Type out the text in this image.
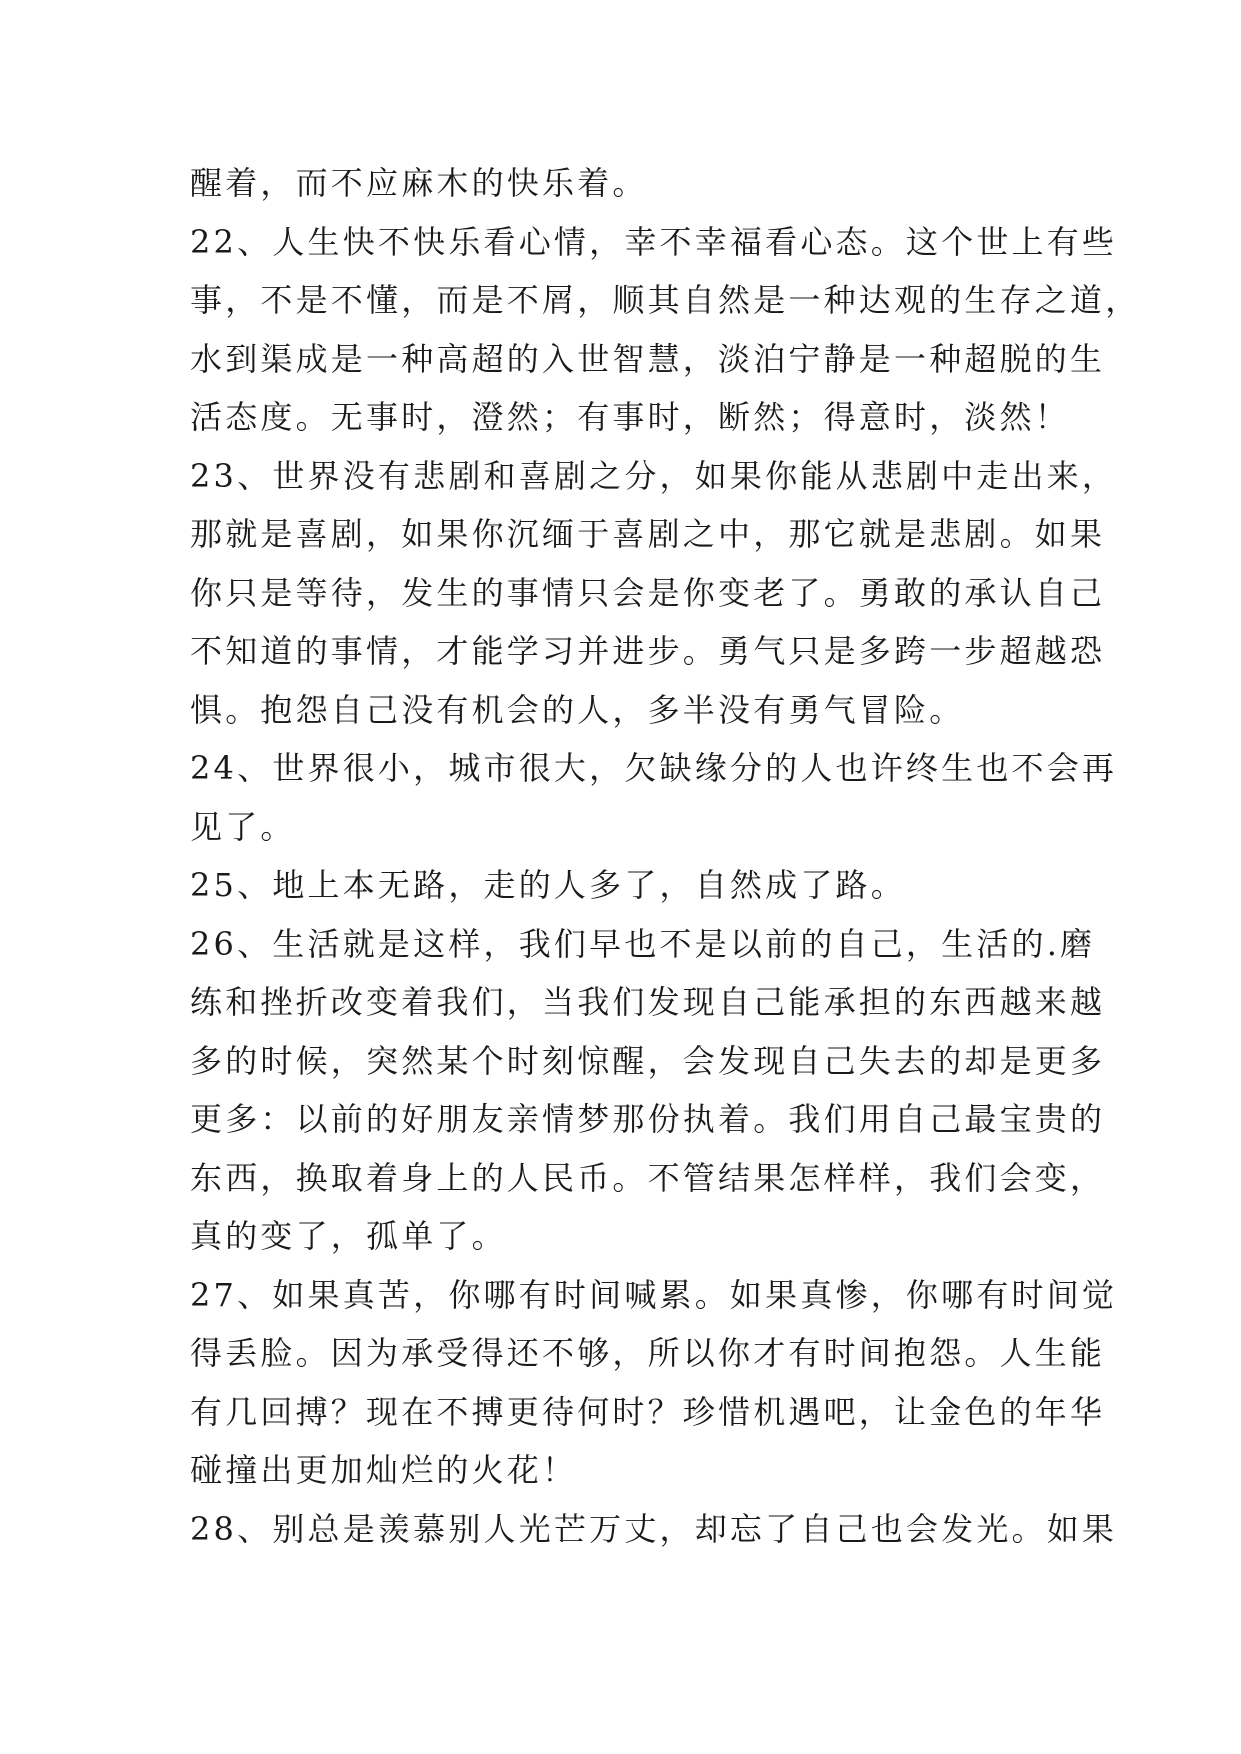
醒着，而不应麻木的快乐着。
22、人生快不快乐看心情，幸不幸福看心态。这个世上有些
事，不是不懂，而是不屑，顺其自然是一种达观的生存之道，
水到渠成是一种高超的入世智慧，淡泊宁静是一种超脱的生
活态度。无事时，澄然；有事时，断然；得意时，淡然！
23、世界没有悲剧和喜剧之分，如果你能从悲剧中走出来，
那就是喜剧，如果你沉缅于喜剧之中，那它就是悲剧。如果
你只是等待，发生的事情只会是你变老了。勇敢的承认自己
不知道的事情，才能学习并进步。勇气只是多跨一步超越恐
惧。抱怨自己没有机会的人，多半没有勇气冒险。
24、世界很小，城市很大，欠缺缘分的人也许终生也不会再
见了。
25、地上本无路，走的人多了，自然成了路。
26、生活就是这样，我们早也不是以前的自己，生活的.磨
练和挫折改变着我们，当我们发现自己能承担的东西越来越
多的时候，突然某个时刻惊醒，会发现自己失去的却是更多
更多：以前的好朋友亲情梦那份执着。我们用自己最宝贵的
东西，换取着身上的人民币。不管结果怎样样，我们会变，
真的变了，孤单了。
27、如果真苦，你哪有时间喊累。如果真惨，你哪有时间觉
得丢脸。因为承受得还不够，所以你才有时间抱怨。人生能
有几回搏？现在不搏更待何时？珍惜机遇吧，让金色的年华
碰撞出更加灿烂的火花！
28、别总是羡慕别人光芒万丈，却忘了自己也会发光。如果
